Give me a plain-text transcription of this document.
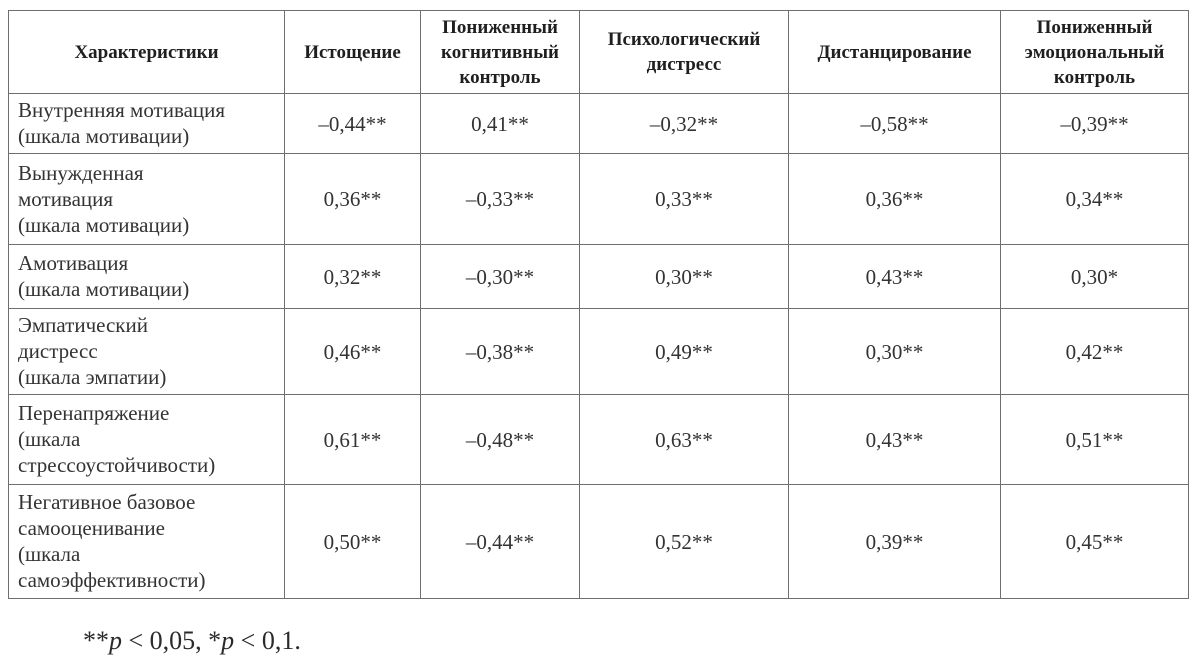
Характеристики	Истощение	Пониженный
когнитивный
контроль	Психологический
дистресс	Дистанцирование	Пониженный
эмоциональный
контроль

Внутренняя мотивация
(шкала мотивации)	–0,44**	0,41**	–0,32**	–0,58**	–0,39**

Вынужденная
мотивация
(шкала мотивации)	0,36**	–0,33**	0,33**	0,36**	0,34**

Амотивация
(шкала мотивации)	0,32**	–0,30**	0,30**	0,43**	0,30*

Эмпатический
дистресс
(шкала эмпатии)	0,46**	–0,38**	0,49**	0,30**	0,42**

Перенапряжение
(шкала
стрессоустойчивости)	0,61**	–0,48**	0,63**	0,43**	0,51**

Негативное базовое
самооценивание
(шкала
самоэффективности)	0,50**	–0,44**	0,52**	0,39**	0,45**
**p < 0,05, *p < 0,1.
